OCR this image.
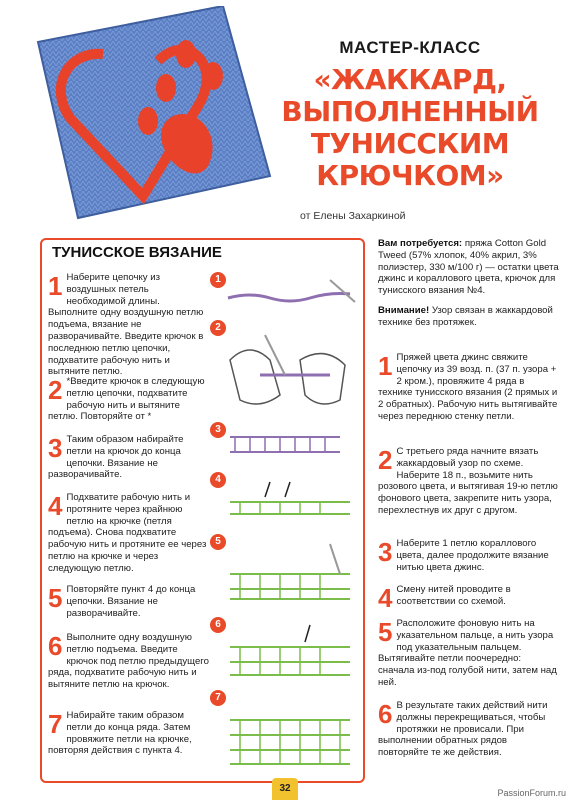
МАСТЕР-КЛАСС
«ЖАККАРД,
ВЫПОЛНЕННЫЙ
ТУНИССКИМ
КРЮЧКОМ»
от Елены Захаркиной
ТУНИССКОЕ ВЯЗАНИЕ
1 Наберите цепочку из воздушных петель необходимой длины. Выполните одну воздушную петлю подъема, вязание не разворачивайте. Введите крючок в последнюю петлю цепочки, подхватите рабочую нить и вытяните петлю.
2 *Введите крючок в следующую петлю цепочки, подхватите рабочую нить и вытяните петлю. Повторяйте от *
3 Таким образом набирайте петли на крючок до конца цепочки. Вязание не разворачивайте.
4 Подхватите рабочую нить и протяните через крайнюю петлю на крючке (петля подъема). Снова подхватите рабочую нить и протяните ее через петлю на крючке и через следующую петлю.
5 Повторяйте пункт 4 до конца цепочки. Вязание не разворачивайте.
6 Выполните одну воздушную петлю подъема. Введите крючок под петлю предыдущего ряда, подхватите рабочую нить и вытяните петлю на крючок.
7 Набирайте таким образом петли до конца ряда. Затем провяжите петли на крючке, повторяя действия с пункта 4.
1
2
3
4
5
6
7

Вам потребуется: пряжа Cotton Gold Tweed (57% хлопок, 40% акрил, 3% полиэстер, 330 м/100 г) — остатки цвета джинс и кораллового цвета, крючок для тунисского вязания №4.

Внимание! Узор связан в жаккардовой технике без протяжек.

1 Пряжей цвета джинс свяжите цепочку из 39 возд. п. (37 п. узора + 2 кром.), провяжите 4 ряда в технике тунисского вязания (2 прямых и 2 обратных). Рабочую нить вытягивайте через переднюю стенку петли.
2 С третьего ряда начните вязать жаккардовый узор по схеме. Наберите 18 п., возьмите нить розового цвета, и вытягивая 19-ю петлю фонового цвета, закрепите нить узора, перехлестнув их друг с другом.
3 Наберите 1 петлю кораллового цвета, далее продолжите вязание нитью цвета джинс.
4 Смену нитей проводите в соответствии со схемой.
5 Расположите фоновую нить на указательном пальце, а нить узора под указательным пальцем. Вытягивайте петли поочередно: сначала из-под голубой нити, затем над ней.
6 В результате таких действий нити должны перекрещиваться, чтобы протяжки не провисали. При выполнении обратных рядов повторяйте те же действия.
32	PassionForum.ru
